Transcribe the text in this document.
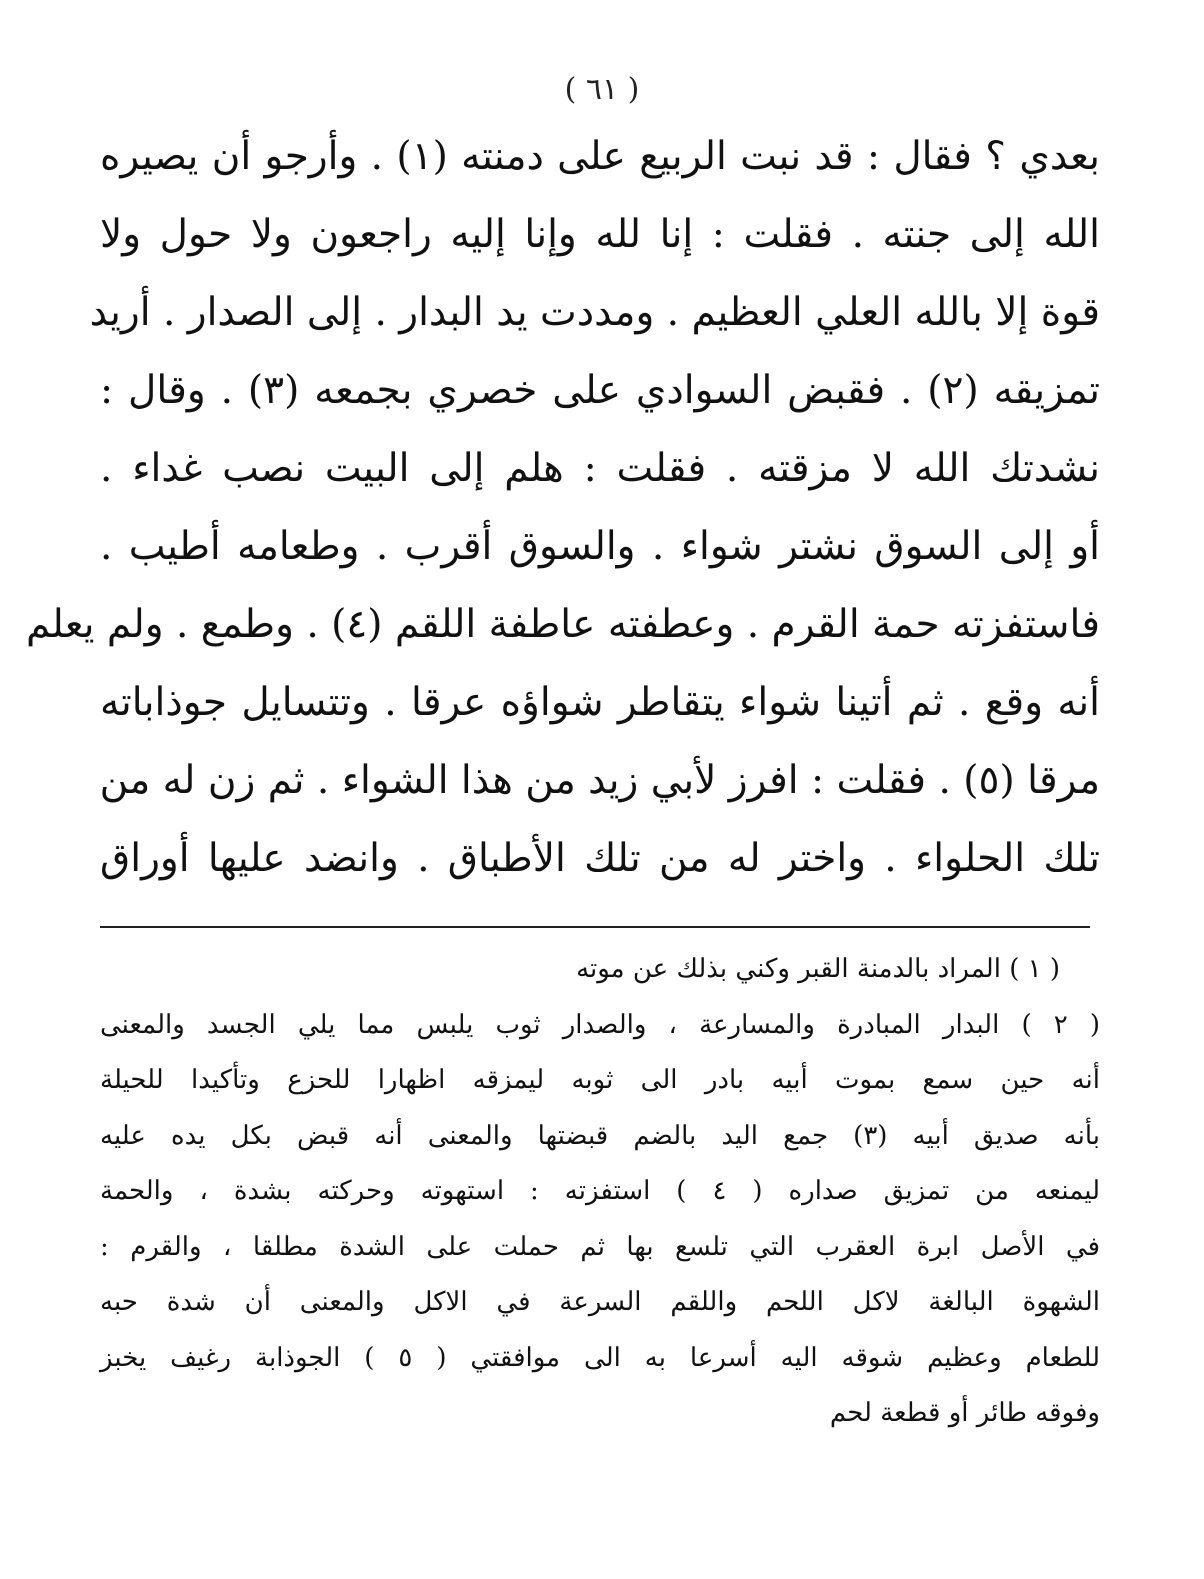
( ٦١ )
بعدي ؟ فقال : قد نبت الربيع على دمنته (١) . وأرجو أن يصيره
الله إلى جنته . فقلت : إنا لله وإنا إليه راجعون ولا حول ولا
قوة إلا بالله العلي العظيم . ومددت يد البدار . إلى الصدار . أريد
تمزيقه (٢) . فقبض السوادي على خصري بجمعه (٣) . وقال :
نشدتك الله لا مزقته . فقلت : هلم إلى البيت نصب غداء .
أو إلى السوق نشتر شواء . والسوق أقرب . وطعامه أطيب .
فاستفزته حمة القرم . وعطفته عاطفة اللقم (٤) . وطمع . ولم يعلم
أنه وقع . ثم أتينا شواء يتقاطر شواؤه عرقا . وتتسايل جوذاباته
مرقا (٥) . فقلت : افرز لأبي زيد من هذا الشواء . ثم زن له من
تلك الحلواء . واختر له من تلك الأطباق . وانضد عليها أوراق
( ١ ) المراد بالدمنة القبر وكني بذلك عن موته
( ٢ ) البدار المبادرة والمسارعة ، والصدار ثوب يلبس مما يلي الجسد والمعنى
أنه حين سمع بموت أبيه بادر الى ثوبه ليمزقه اظهارا للحزع وتأكيدا للحيلة
بأنه صديق أبيه (٣) جمع اليد بالضم قبضتها والمعنى أنه قبض بكل يده عليه
ليمنعه من تمزيق صداره ( ٤ ) استفزته : استهوته وحركته بشدة ، والحمة
في الأصل ابرة العقرب التي تلسع بها ثم حملت على الشدة مطلقا ، والقرم :
الشهوة البالغة لاكل اللحم واللقم السرعة في الاكل والمعنى أن شدة حبه
للطعام وعظيم شوقه اليه أسرعا به الى موافقتي ( ٥ ) الجوذابة رغيف يخبز
وفوقه طائر أو قطعة لحم
